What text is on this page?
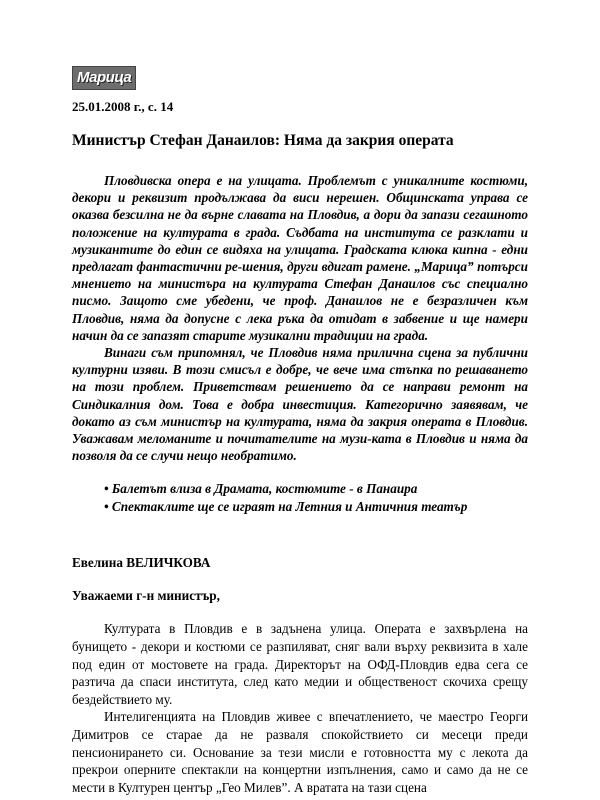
Марица
25.01.2008 г., с. 14
Министър Стефан Данаилов: Няма да закрия операта

Пловдивска опера е на улицата. Проблемът с уникалните костюми, декори и реквизит продължава да виси нерешен. Общинската управа се оказва безсилна не да върне славата на Пловдив, а дори да запази сегашното положение на културата в града. Съдбата на институтa се разклати и музикантите до един се видяха на улицата. Градската клюка кипна - едни предлагат фантастични ре-шения, други вдигат рамене. „Марица” потърси мнението на министъра на културата Стефан Данаилов със специално писмо. Защото сме убедени, че проф. Данаилов не е безразличен към Пловдив, няма да допусне с лека ръка да отидат в забвение и ще намери начин да се запазят старите музикални традиции на града.

Винаги съм припомнял, че Пловдив няма прилична сцена за публични културни изяви. В този смисъл е добре, че вече има стъпка по решаването на този проблем. Приветствам решението да се направи ремонт на Синдикалния дом. Това е добра инвестиция. Категорично заявявам, че докато аз съм министър на културата, няма да закрия операта в Пловдив. Уважавам меломаните и почитателите на музи-ката в Пловдив и няма да позволя да се случи нещо необратимо.

• Балетът влиза в Драмата, костюмите - в Панаира
• Спектаклите ще се играят на Летния и Античния театър
Евелина ВЕЛИЧКОВА
Уважаеми г-н министър,

Културата в Пловдив е в задънена улица. Операта е захвърлена на бунището - декори и костюми се разпиляват, сняг вали върху реквизита в хале под един от мостовете на града. Директорът на ОФД-Пловдив едва сега се разтича да спаси института, след като медии и общественост скочиха срещу бездействието му.

Интелигенцията на Пловдив живее с впечатлението, че маестро Георги Димитров се старае да не разваля спокойствието си месеци преди пенсионирането си. Основание за тези мисли е готовността му с лекота да прекрои оперните спектакли на концертни изпълнения, само и само да не се мести в Културен център „Гео Милев”. А вратата на тази сцена
